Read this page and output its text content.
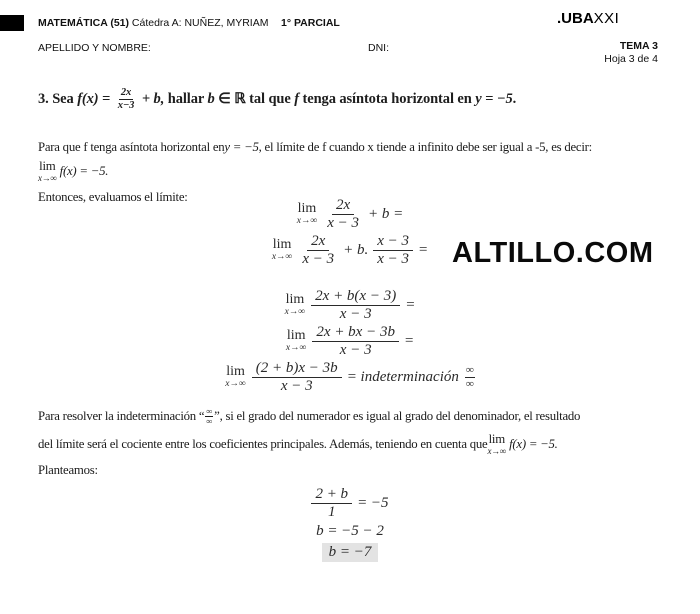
MATEMÁTICA (51) Cátedra A: NUÑEZ, MYRIAM 1° PARCIAL	.UBAXXI
APELLIDO Y NOMBRE:	DNI:	TEMA 3
Hoja 3 de 4
3. Sea $f(x) = \frac{2x}{x-3} + b$, hallar b ∈ ℝ tal que f tenga asíntota horizontal en y = −5.
Para que f tenga asíntota horizontal en y = −5 , el límite de f cuando x tiende a infinito debe ser igual a -5, es decir:
lim
x→∞ f(x) = −5.
Entonces, evaluamos el límite:
lim
$x\to\infty \frac{2x}{x - 3} + b$ =
lim
$x\to\infty \frac{2x}{x - 3} + b$. $\frac{x - 3}{x - 3}$ =
lim
$x\to\infty \frac{2x + b(x - 3)}{x - 3}$ =
lim
$x\to\infty \frac{2x + bx - 3b}{x - 3}$ =
lim
$x\to\infty \frac{(2 + b)x - 3b}{x - 3}$ = indeterminación $\frac{\infty}{\infty}$
ALTILLO.COM
Para resolver la indeterminación “ $\frac{\infty}{\infty}$ ”, si el grado del numerador es igual al grado del denominador, el resultado
del límite será el cociente entre los coeficientes principales. Además, teniendo en cuenta que lim
x→∞ f(x) = −5.
Planteamos:
$\frac{2 + b}{1} = -5$
b = −5 − 2
b = −7
